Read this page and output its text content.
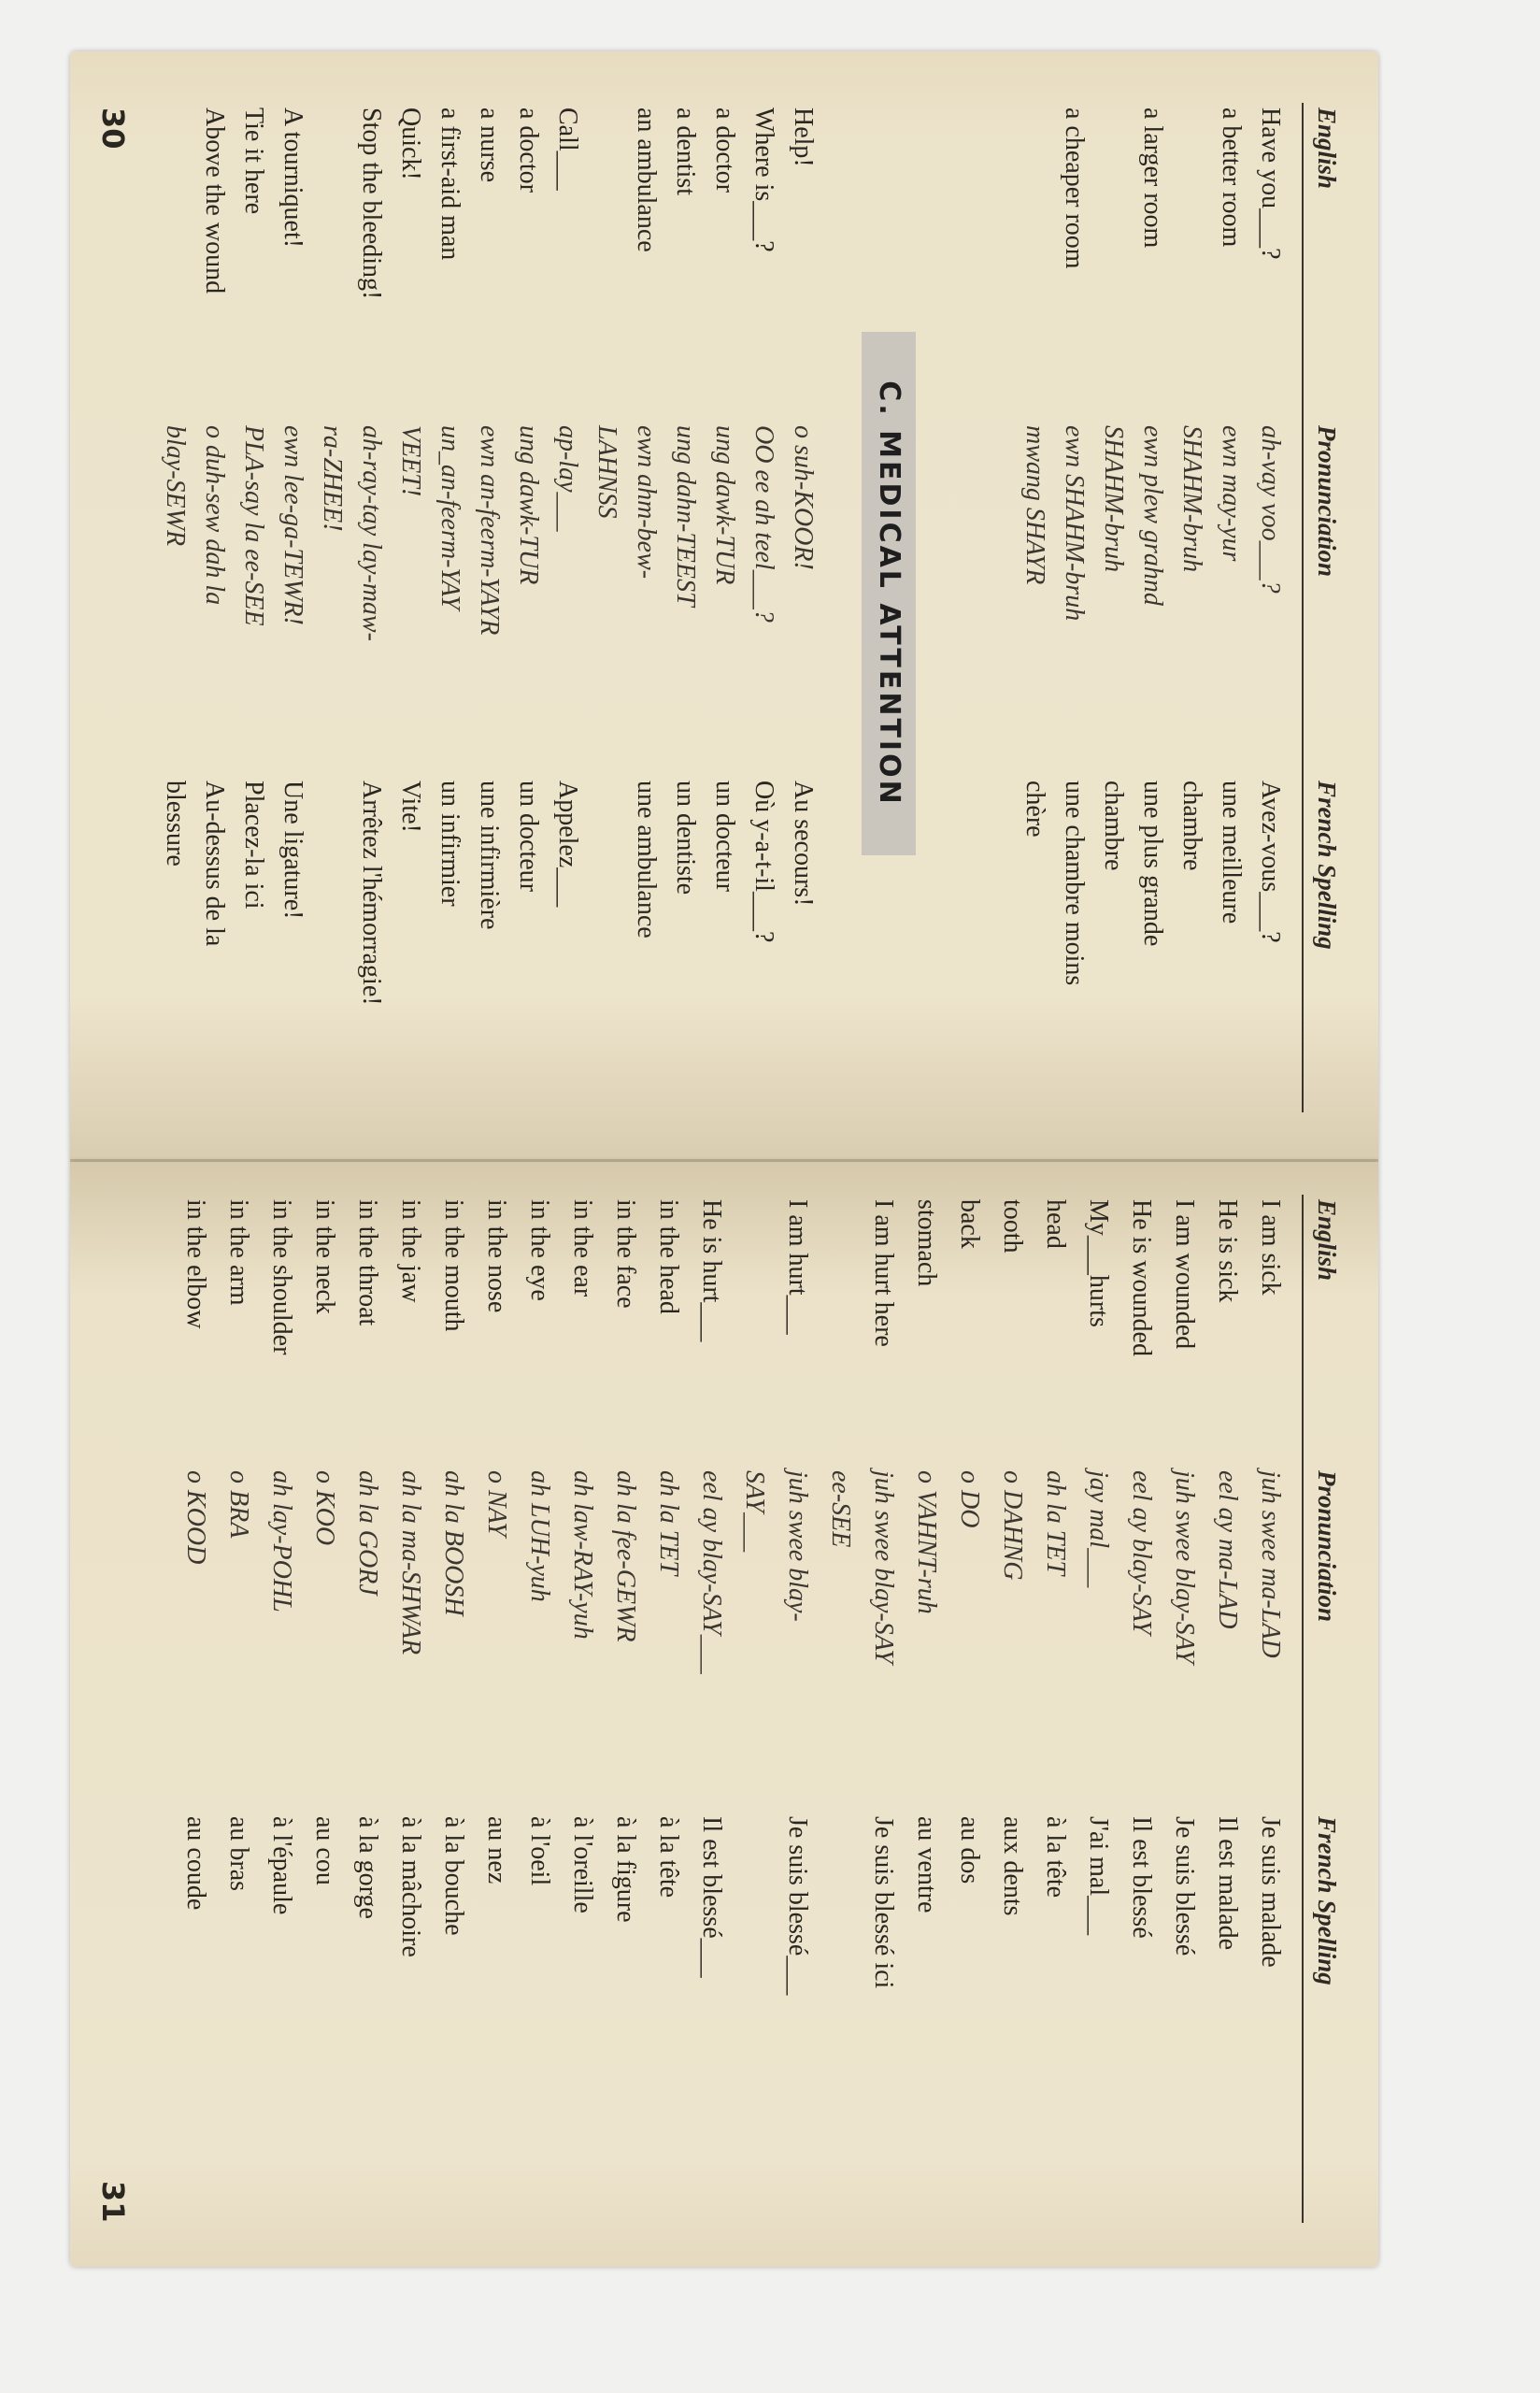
English
Pronunciation
French Spelling
Have you___?
ah-vay voo___?
Avez-vous___?
a better room
ewn may-yur
une meilleure
SHAHM-bruh
chambre
a larger room
ewn plew grahnd
une plus grande
SHAHM-bruh
chambre
a cheaper room
ewn SHAHM-bruh
une chambre moins
mwang SHAYR
chère
C. MEDICAL ATTENTION
Help!
o suh-KOOR!
Au secours!
Where is___?
OO ee ah teel___?
Où y-a-t-il___?
a doctor
ung dawk-TUR
un docteur
a dentist
ung dahn-TEEST
un dentiste
an ambulance
ewn ahm-bew-
une ambulance
LAHNSS
Call___
ap-lay___
Appelez___
a doctor
ung dawk-TUR
un docteur
a nurse
ewn an-feerm-YAYR
une infirmière
a first-aid man
un_an-feerm-YAY
un infirmier
Quick!
VEET!
Vite!
Stop the bleeding!
ah-ray-tay lay-maw-
Arrêtez l'hémorragie!
ra-ZHEE!
A tourniquet!
ewn lee-ga-TEWR!
Une ligature!
Tie it here
PLA-say la ee-SEE
Placez-la ici
Above the wound
o duh-sew dah la
Au-dessus de la
blay-SEWR
blessure
30
English
Pronunciation
French Spelling
I am sick
juh swee ma-LAD
Je suis malade
He is sick
eel ay ma-LAD
Il est malade
I am wounded
juh swee blay-SAY
Je suis blessé
He is wounded
eel ay blay-SAY
Il est blessé
My___hurts
jay mal___
J'ai mal___
head
ah la TET
à la tête
tooth
o DAHNG
aux dents
back
o DO
au dos
stomach
o VAHNT-ruh
au ventre
I am hurt here
juh swee blay-SAY
Je suis blessé ici
ee-SEE
I am hurt___
juh swee blay-
Je suis blessé___
SAY___
He is hurt___
eel ay blay-SAY___
Il est blessé___
in the head
ah la TET
à la tête
in the face
ah la fee-GEWR
à la figure
in the ear
ah law-RAY-yuh
à l'oreille
in the eye
ah LUH-yuh
à l'oeil
in the nose
o NAY
au nez
in the mouth
ah la BOOSH
à la bouche
in the jaw
ah la ma-SHWAR
à la mâchoire
in the throat
ah la GORJ
à la gorge
in the neck
o KOO
au cou
in the shoulder
ah lay-POHL
à l'épaule
in the arm
o BRA
au bras
in the elbow
o KOOD
au coude
31
